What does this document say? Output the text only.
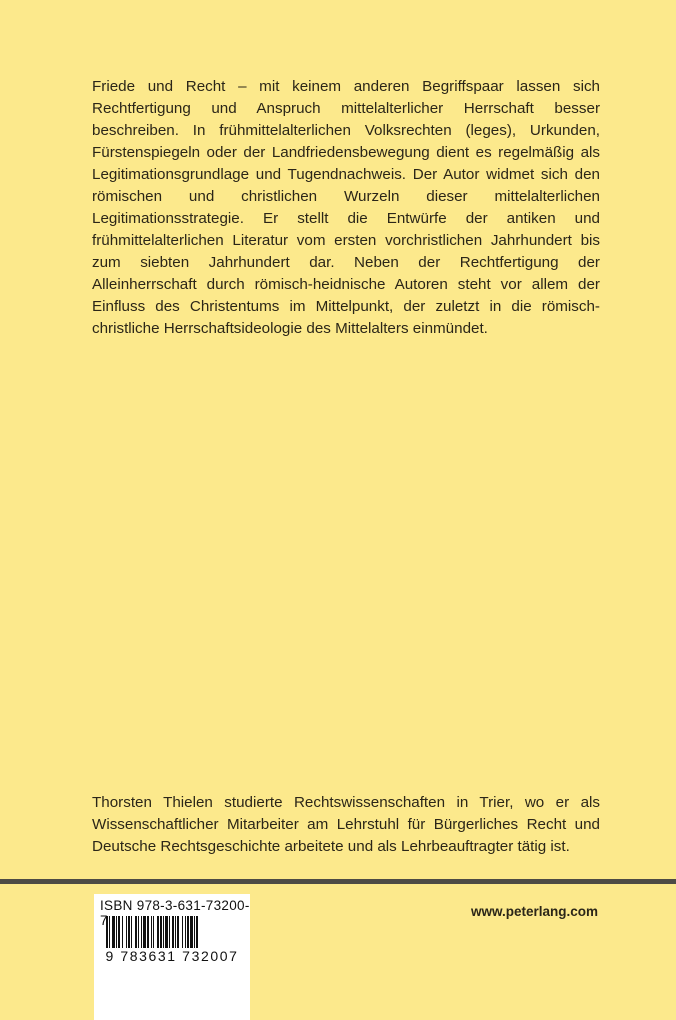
Friede und Recht – mit keinem anderen Begriffspaar lassen sich Rechtfertigung und Anspruch mittelalterlicher Herrschaft besser beschreiben. In frühmittelalterlichen Volksrechten (leges), Urkunden, Fürstenspiegeln oder der Landfriedensbewegung dient es regelmäßig als Legitimationsgrundlage und Tugendnachweis. Der Autor widmet sich den römischen und christlichen Wurzeln dieser mittelalterlichen Legitimationsstrategie. Er stellt die Entwürfe der antiken und frühmittelalterlichen Literatur vom ersten vorchristlichen Jahrhundert bis zum siebten Jahrhundert dar. Neben der Rechtfertigung der Alleinherrschaft durch römisch-heidnische Autoren steht vor allem der Einfluss des Christentums im Mittelpunkt, der zuletzt in die römisch-christliche Herrschaftsideologie des Mittelalters einmündet.

Thorsten Thielen studierte Rechtswissenschaften in Trier, wo er als Wissenschaftlicher Mitarbeiter am Lehrstuhl für Bürgerliches Recht und Deutsche Rechtsgeschichte arbeitete und als Lehrbeauftragter tätig ist.

ISBN 978-3-631-73200-7
9 783631 732007
www.peterlang.com
